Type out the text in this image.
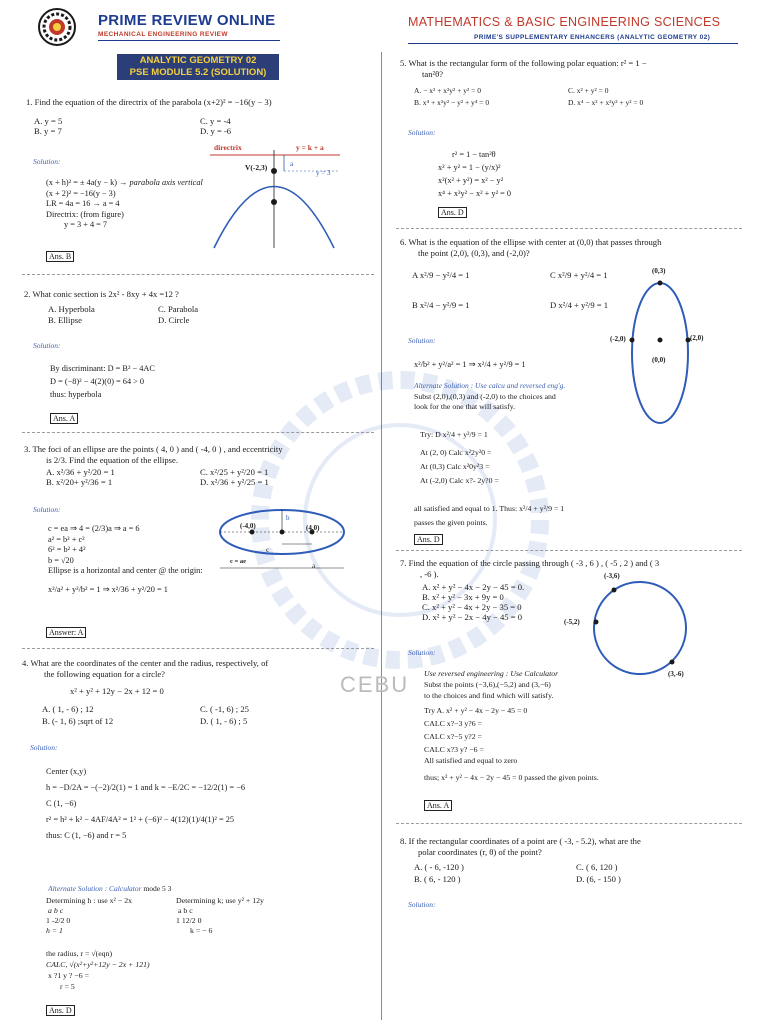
PRIME REVIEW ONLINE
MECHANICAL ENGINEERING REVIEW
MATHEMATICS & BASIC ENGINEERING SCIENCES
PRIME'S SUPPLEMENTARY ENHANCERS (ANALYTIC GEOMETRY 02)
ANALYTIC GEOMETRY 02
PSE MODULE 5.2 (SOLUTION)
CEBU
1. Find the equation of the directrix of the parabola (x+2)² = −16(y − 3)
A. y = 5
B. y = 7
C. y = -4
D. y = -6
Solution:
(x + h)² = ± 4a(y − k) → parabola axis vertical
(x + 2)² = −16(y − 3)
LR = 4a = 16 → a = 4
Directrix: (from figure)
y = 3 + 4 = 7
Ans. B
directrix	y = k + a
V(-2,3)	a
y = 3
2. What conic section is 2x² - 8xy + 4x =12 ?
A. Hyperbola
B. Ellipse
C. Parabola
D. Circle
Solution:
By discriminant: D = B² − 4AC
D = (−8)² − 4(2)(0) = 64 > 0
thus: hyperbola
Ans. A
3. The foci of an ellipse are the points ( 4, 0 ) and ( -4, 0 ) , and eccentricity
is 2/3. Find the equation of the ellipse.
A. x²/36 + y²/20 = 1
B. x²/20+ y²/36 = 1
C. x²/25 + y²/20 = 1
D. x²/36 + y²/25 = 1
Solution:
c = ea ⇒ 4 = (2/3)a ⇒ a = 6
a² = b² + c²
6² = b² + 4²
b = √20
Ellipse is a horizontal and center @ the origin:
x²/a² + y²/b² = 1 ⇒ x²/36 + y²/20 = 1
Answer: A
(-4,0)	(4,0)
b
c
c = ae
a
4. What are the coordinates of the center and the radius, respectively, of
the following equation for a circle?
x² + y² + 12y − 2x + 12 = 0
A. ( 1, - 6) ; 12
B. (- 1, 6) ;sqrt of 12
C. ( -1, 6) ; 25
D. ( 1, - 6) ; 5
Solution:
Center (x,y)
h = −D/2A = −(−2)/2(1) = 1 and k = −E/2C = −12/2(1) = −6
C (1, −6)
r² = h² + k² − 4AF/4A² = 1² + (−6)² − 4(12)(1)/4(1)² = 25
thus: C (1, −6) and r = 5
Alternate Solution : Calculator mode 5 3
Determining h : use x² − 2x
a b c
1 -2/2 0
h = 1
Determining k; use y² + 12y
a b c
1 12/2 0
k = − 6
the radius, r = √(eqn)
CALC, √(x²+y²+12y − 2x + 121)
x ?1 y ? −6 =
r = 5
Ans. D
5. What is the rectangular form of the following polar equation: r² = 1 −
tan²θ?
A. − x² + x²y² + y² = 0
B. x⁴ + x²y² − y² + y⁴ = 0
C. x² + y² = 0
D. x⁴ − x² + x²y² + y² = 0
Solution:
r² = 1 − tan²θ
x² + y² = 1 − (y/x)²
x²(x² + y²) = x² − y²
x⁴ + x²y² − x² + y² = 0
Ans. D
6. What is the equation of the ellipse with center at (0,0) that passes through
the point (2,0), (0,3), and (-2,0)?
A x²/9 − y²/4 = 1
B x²/4 − y²/9 = 1
C x²/9 + y²/4 = 1
D x²/4 + y²/9 = 1
Solution:
x²/b² + y²/a² = 1 ⇒ x²/4 + y²/9 = 1
Alternate Solution : Use calcu and reversed eng'g.
Subst (2,0),(0,3) and (-2,0) to the choices and
look for the one that will satisfy.
Try: D x²/4 + y²/9 = 1
At (2, 0) Calc x²2y²0 =
At (0,3) Calc x²0y²3 =
At (-2,0) Calc x?- 2y?0 =
all satisfied and equal to 1. Thus: x²/4 + y²/9 = 1
passes the given points.
Ans. D
(0,3)
(-2,0)	(2,0)
(0,0)
7. Find the equation of the circle passing through ( -3 , 6 ) , ( -5 , 2 ) and ( 3
, -6 ).
A. x² + y² − 4x − 2y − 45 = 0.
B. x² + y² − 3x + 9y = 0
C. x² + y² − 4x + 2y − 35 = 0
D. x² + y² − 2x − 4y − 45 = 0
(-3,6)
(-5,2)
(3,-6)
Solution:
Use reversed engineering : Use Calculator
Subst the points (−3,6),(−5,2) and (3,−6)
to the choices and find which will satisfy.
Try A. x² + y² − 4x − 2y − 45 = 0
CALC x?−3 y?6 =
CALC x?−5 y?2 =
CALC x?3 y? −6 =
All satisfied and equal to zero
thus; x² + y² − 4x − 2y − 45 = 0 passed the given points.
Ans. A
8. If the rectangular coordinates of a point are ( -3, - 5.2), what are the
polar coordinates (r, θ) of the point?
A. ( - 6, -120 )
B. ( 6, - 120 )
C. ( 6, 120 )
D. (6, - 150 )
Solution:
